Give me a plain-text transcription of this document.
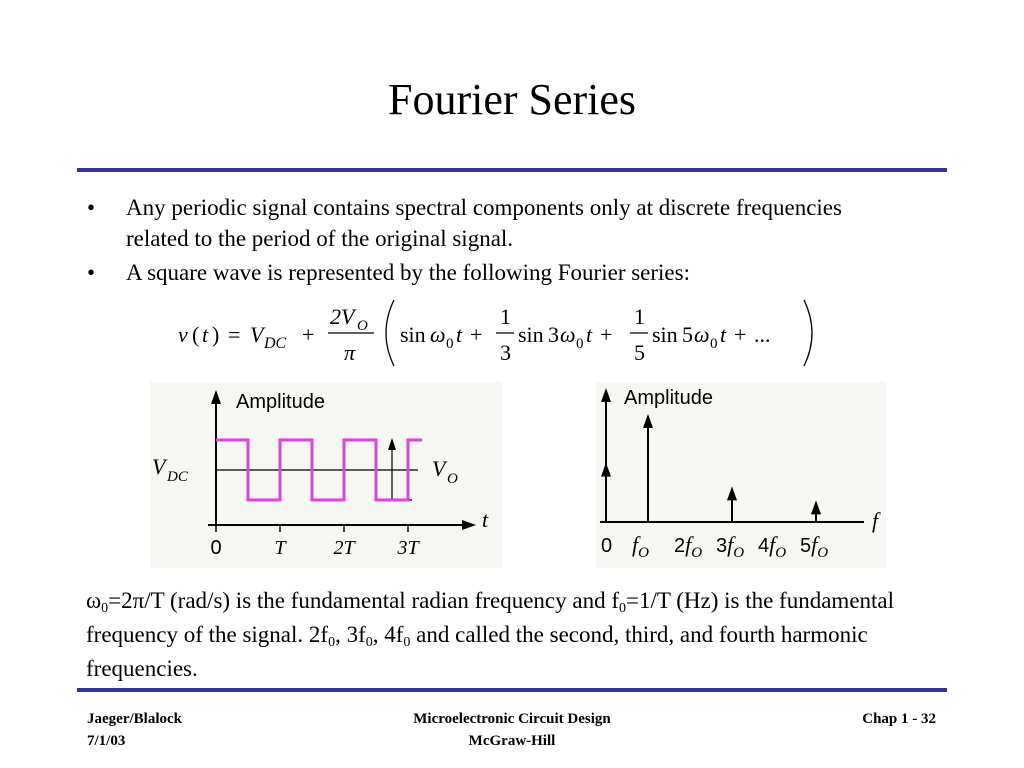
Fourier Series
• Any periodic signal contains spectral components only at discrete frequencies related to the period of the original signal.
• A square wave is represented by the following Fourier series:
v ( t ) = V DC +
2V O
π
sin ω 0 t +
1
3
sin 3 ω 0 t +
1
5
sin 5 ω 0 t + ...
Amplitude
V DC	V O
t
0	T 2T 3T
Amplitude
f
0 $f_O$ $2f_O$ $3f_O$ $4f_O$ $5f_O$
$\omega_0=2\pi/T$ (rad/s) is the fundamental radian frequency and $f_0=1/T$ (Hz) is the fundamental frequency of the signal. $2f_0$, $3f_0$, $4f_0$ and called the second, third, and fourth harmonic frequencies.
Jaeger/Blalock
7/1/03
Microelectronic Circuit Design
McGraw-Hill
Chap 1 - 32
